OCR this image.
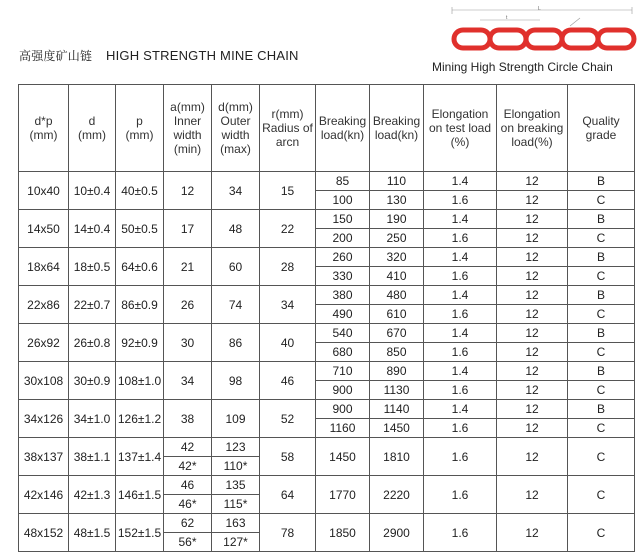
高强度矿山链 HIGH STRENGTH MINE CHAIN
L
t
Mining High Strength Circle Chain
d*p
(mm)	d
(mm)	p
(mm)	a(mm)
Inner
width
(min)	d(mm)
Outer
width
(max)	r(mm)
Radius of
arcn	Breaking
load(kn)	Breaking
load(kn)	Elongation
on test load
(%)	Elongation
on breaking
load(%)	Quality
grade
10x40	10±0.4	40±0.5	12	34	15	85	110	1.4	12	B
						100	130	1.6	12	C
14x50	14±0.4	50±0.5	17	48	22	150	190	1.4	12	B
						200	250	1.6	12	C
18x64	18±0.5	64±0.6	21	60	28	260	320	1.4	12	B
						330	410	1.6	12	C
22x86	22±0.7	86±0.9	26	74	34	380	480	1.4	12	B
						490	610	1.6	12	C
26x92	26±0.8	92±0.9	30	86	40	540	670	1.4	12	B
						680	850	1.6	12	C
30x108	30±0.9	108±1.0	34	98	46	710	890	1.4	12	B
						900	1130	1.6	12	C
34x126	34±1.0	126±1.2	38	109	52	900	1140	1.4	12	B
						1160	1450	1.6	12	C
38x137	38±1.1	137±1.4	42	123	58	1450	1810	1.6	12	C
			42*	110*						
42x146	42±1.3	146±1.5	46	135	64	1770	2220	1.6	12	C
			46*	115*						
48x152	48±1.5	152±1.5	62	163	78	1850	2900	1.6	12	C
			56*	127*						
